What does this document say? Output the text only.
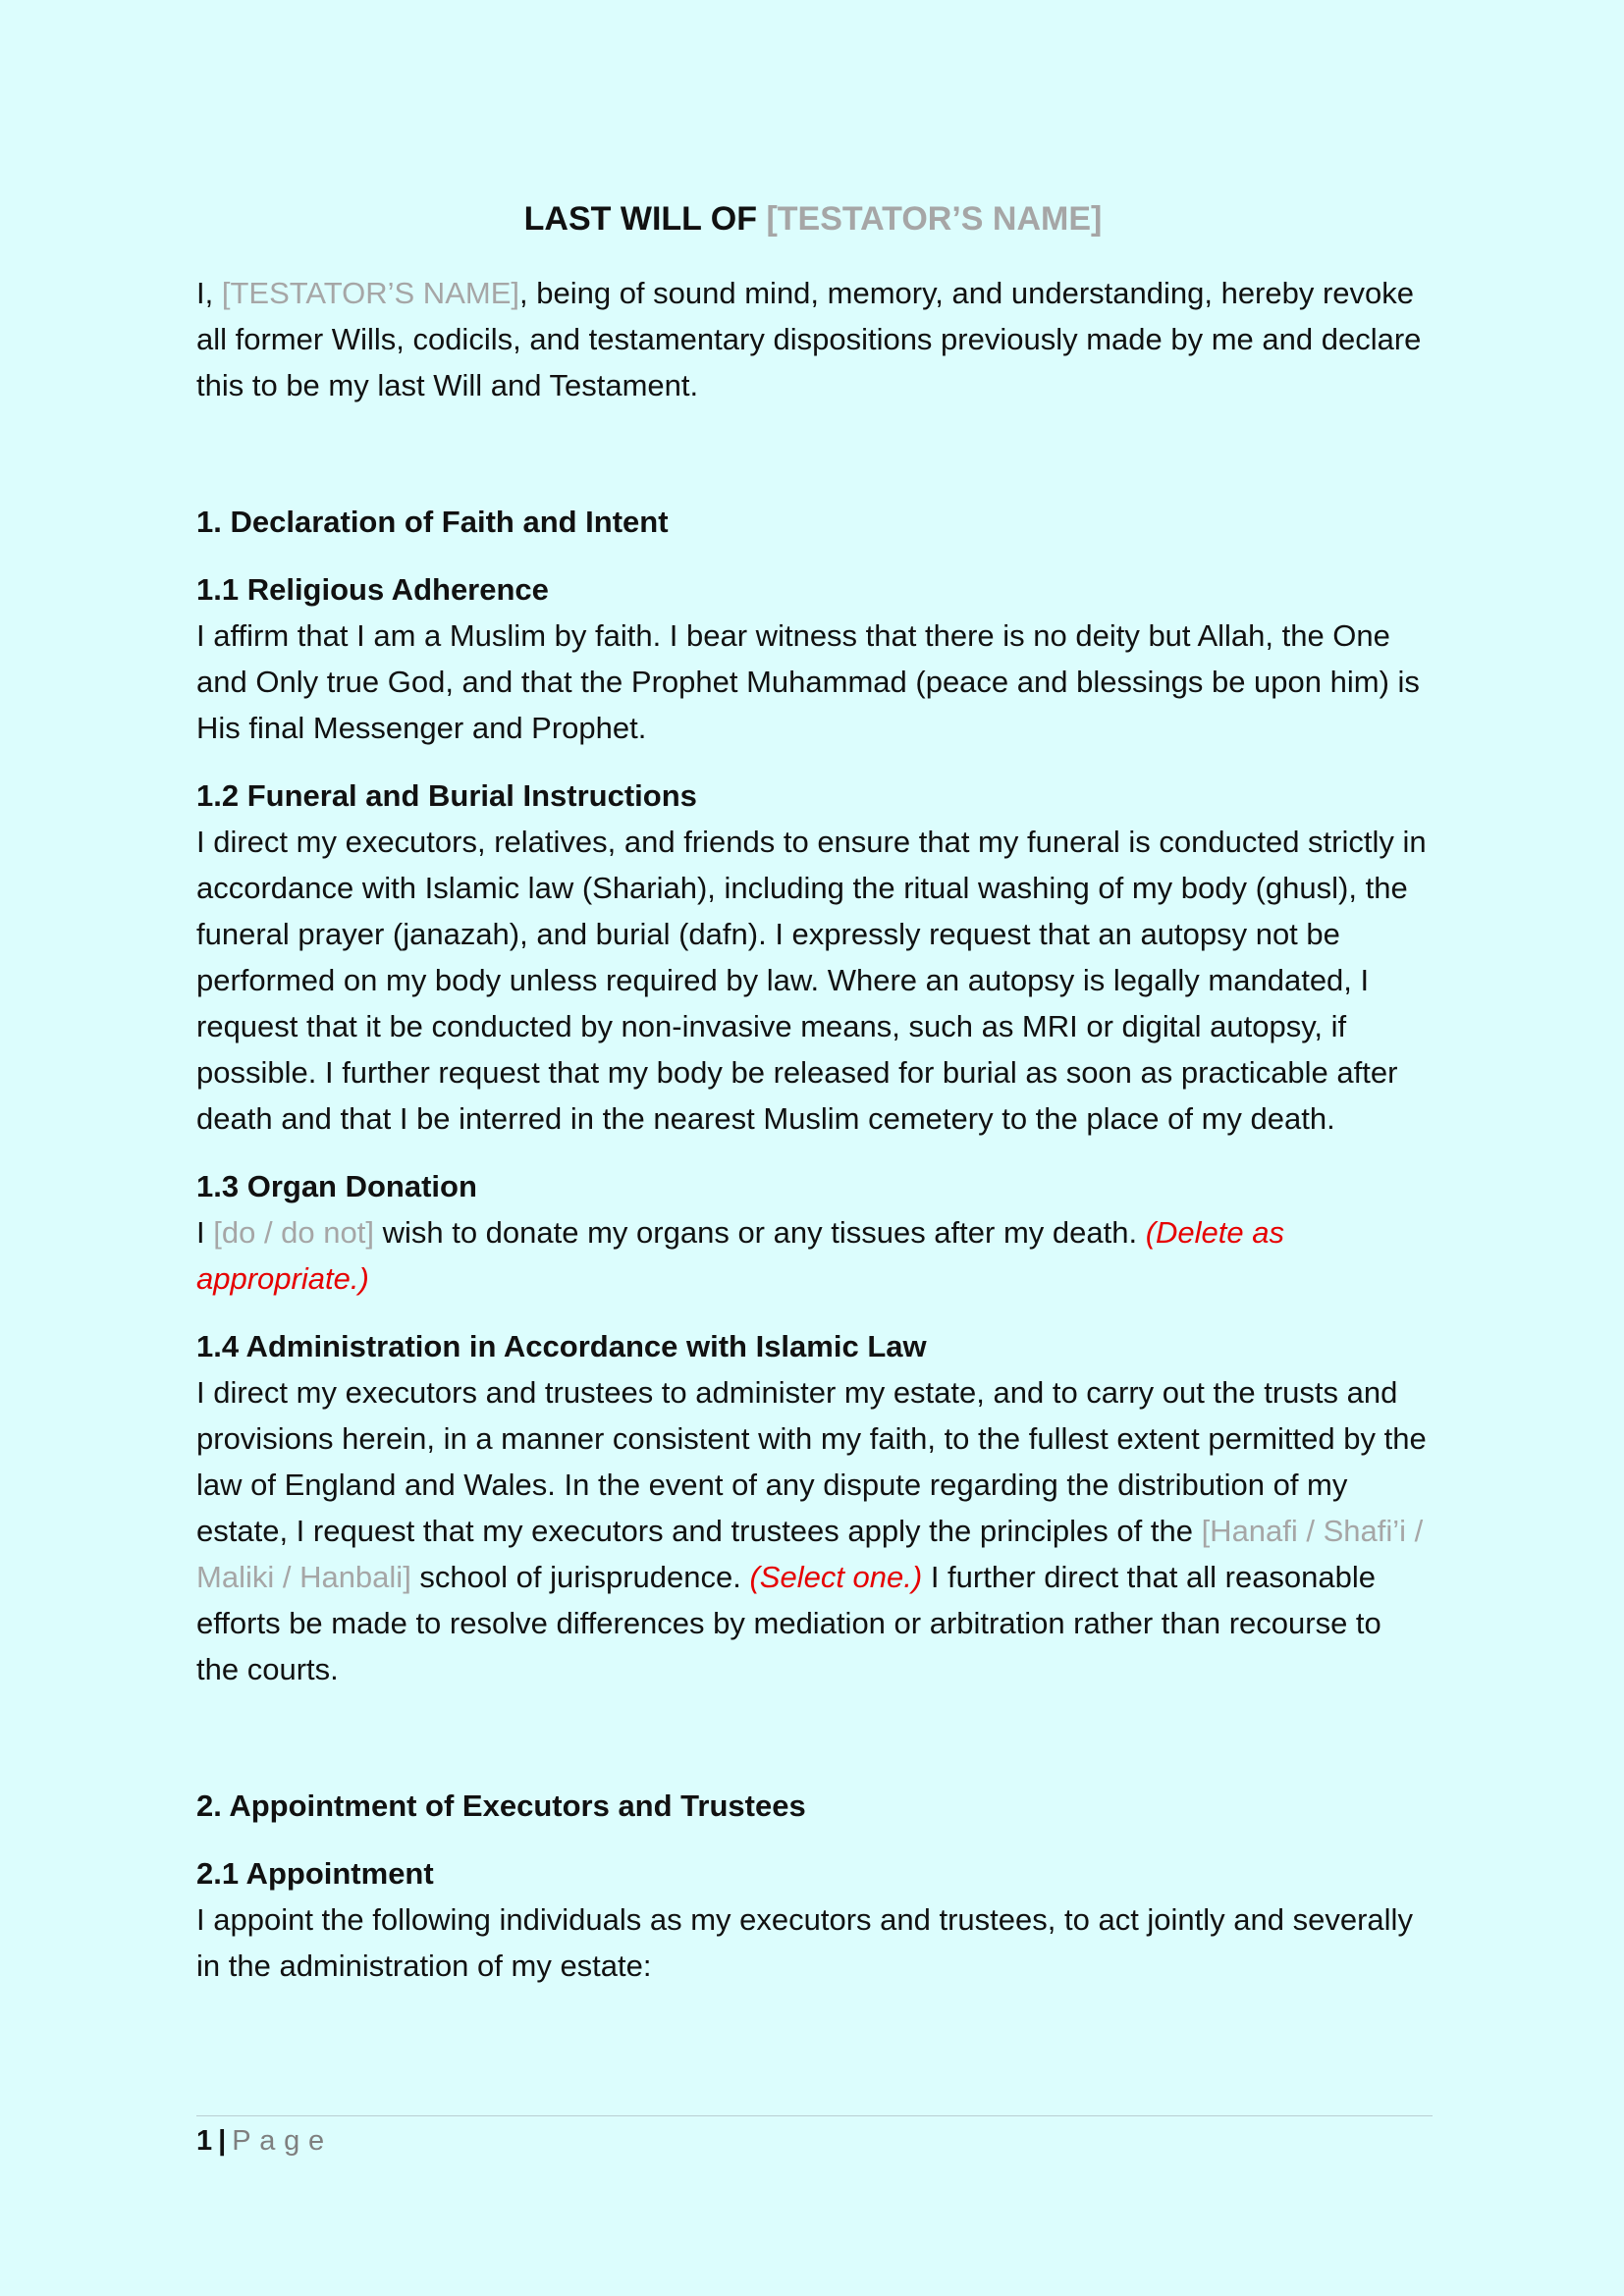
LAST WILL OF [TESTATOR’S NAME]

I, [TESTATOR’S NAME], being of sound mind, memory, and understanding, hereby revoke all former Wills, codicils, and testamentary dispositions previously made by me and declare this to be my last Will and Testament.

1. Declaration of Faith and Intent
1.1 Religious Adherence

I affirm that I am a Muslim by faith. I bear witness that there is no deity but Allah, the One and Only true God, and that the Prophet Muhammad (peace and blessings be upon him) is His final Messenger and Prophet.

1.2 Funeral and Burial Instructions

I direct my executors, relatives, and friends to ensure that my funeral is conducted strictly in accordance with Islamic law (Shariah), including the ritual washing of my body (ghusl), the funeral prayer (janazah), and burial (dafn). I expressly request that an autopsy not be performed on my body unless required by law. Where an autopsy is legally mandated, I request that it be conducted by non-invasive means, such as MRI or digital autopsy, if possible. I further request that my body be released for burial as soon as practicable after death and that I be interred in the nearest Muslim cemetery to the place of my death.

1.3 Organ Donation

I [do / do not] wish to donate my organs or any tissues after my death. (Delete as appropriate.)

1.4 Administration in Accordance with Islamic Law

I direct my executors and trustees to administer my estate, and to carry out the trusts and provisions herein, in a manner consistent with my faith, to the fullest extent permitted by the law of England and Wales. In the event of any dispute regarding the distribution of my estate, I request that my executors and trustees apply the principles of the [Hanafi / Shafi’i / Maliki / Hanbali] school of jurisprudence. (Select one.) I further direct that all reasonable efforts be made to resolve differences by mediation or arbitration rather than recourse to the courts.

2. Appointment of Executors and Trustees
2.1 Appointment

I appoint the following individuals as my executors and trustees, to act jointly and severally in the administration of my estate:

1 | Page
